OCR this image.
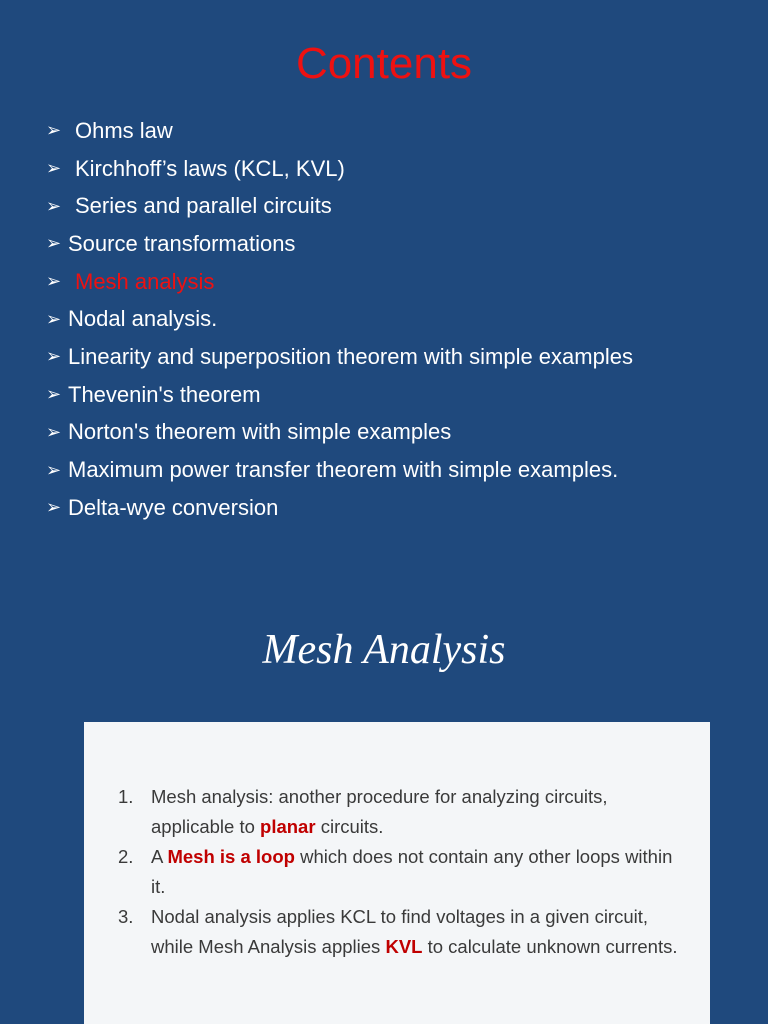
Contents
➢ Ohms law
➢ Kirchhoff’s laws (KCL, KVL)
➢ Series and parallel circuits
➢ Source transformations
➢ Mesh analysis
➢ Nodal analysis.
➢ Linearity and superposition theorem with simple examples
➢ Thevenin's theorem
➢ Norton's theorem with simple examples
➢ Maximum power transfer theorem with simple examples.
➢ Delta-wye conversion
Mesh Analysis
1. Mesh analysis: another procedure for analyzing circuits, applicable to planar circuits.
2. A Mesh is a loop which does not contain any other loops within it.
3. Nodal analysis applies KCL to find voltages in a given circuit, while Mesh Analysis applies KVL to calculate unknown currents.
